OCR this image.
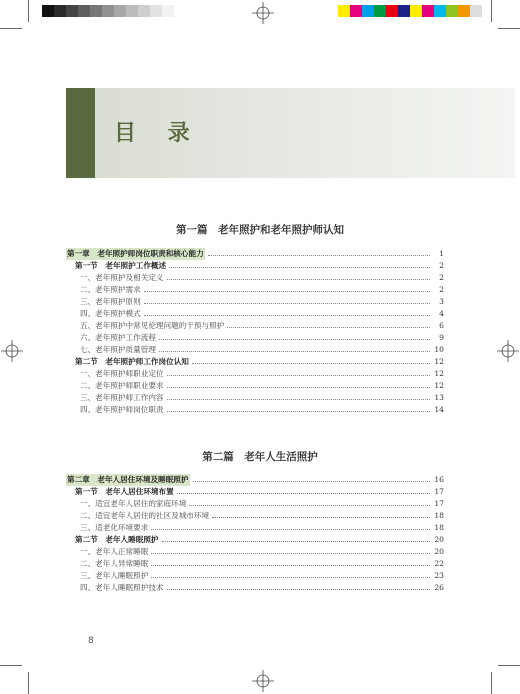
目 录
第一篇　老年照护和老年照护师认知
第一章　老年照护师岗位职责和核心能力	1
第一节　老年照护工作概述	2
一、老年照护及相关定义	2
二、老年照护需求	2
三、老年照护原则	3
四、老年照护模式	4
五、老年照护中常见伦理问题的干预与照护	6
六、老年照护工作流程	9
七、老年照护质量管理	10
第二节　老年照护师工作岗位认知	12
一、老年照护师职业定位	12
二、老年照护师职业要求	12
三、老年照护师工作内容	13
四、老年照护师岗位职责	14
第二篇　老年人生活照护
第二章　老年人居住环境及睡眠照护	16
第一节　老年人居住环境布置	17
一、适宜老年人居住的家庭环境	17
二、适宜老年人居住的社区及城市环境	18
三、适老化环境要求	18
第二节　老年人睡眠照护	20
一、老年人正常睡眠	20
二、老年人异常睡眠	22
三、老年人睡眠照护	23
四、老年人睡眠照护技术	26
8
